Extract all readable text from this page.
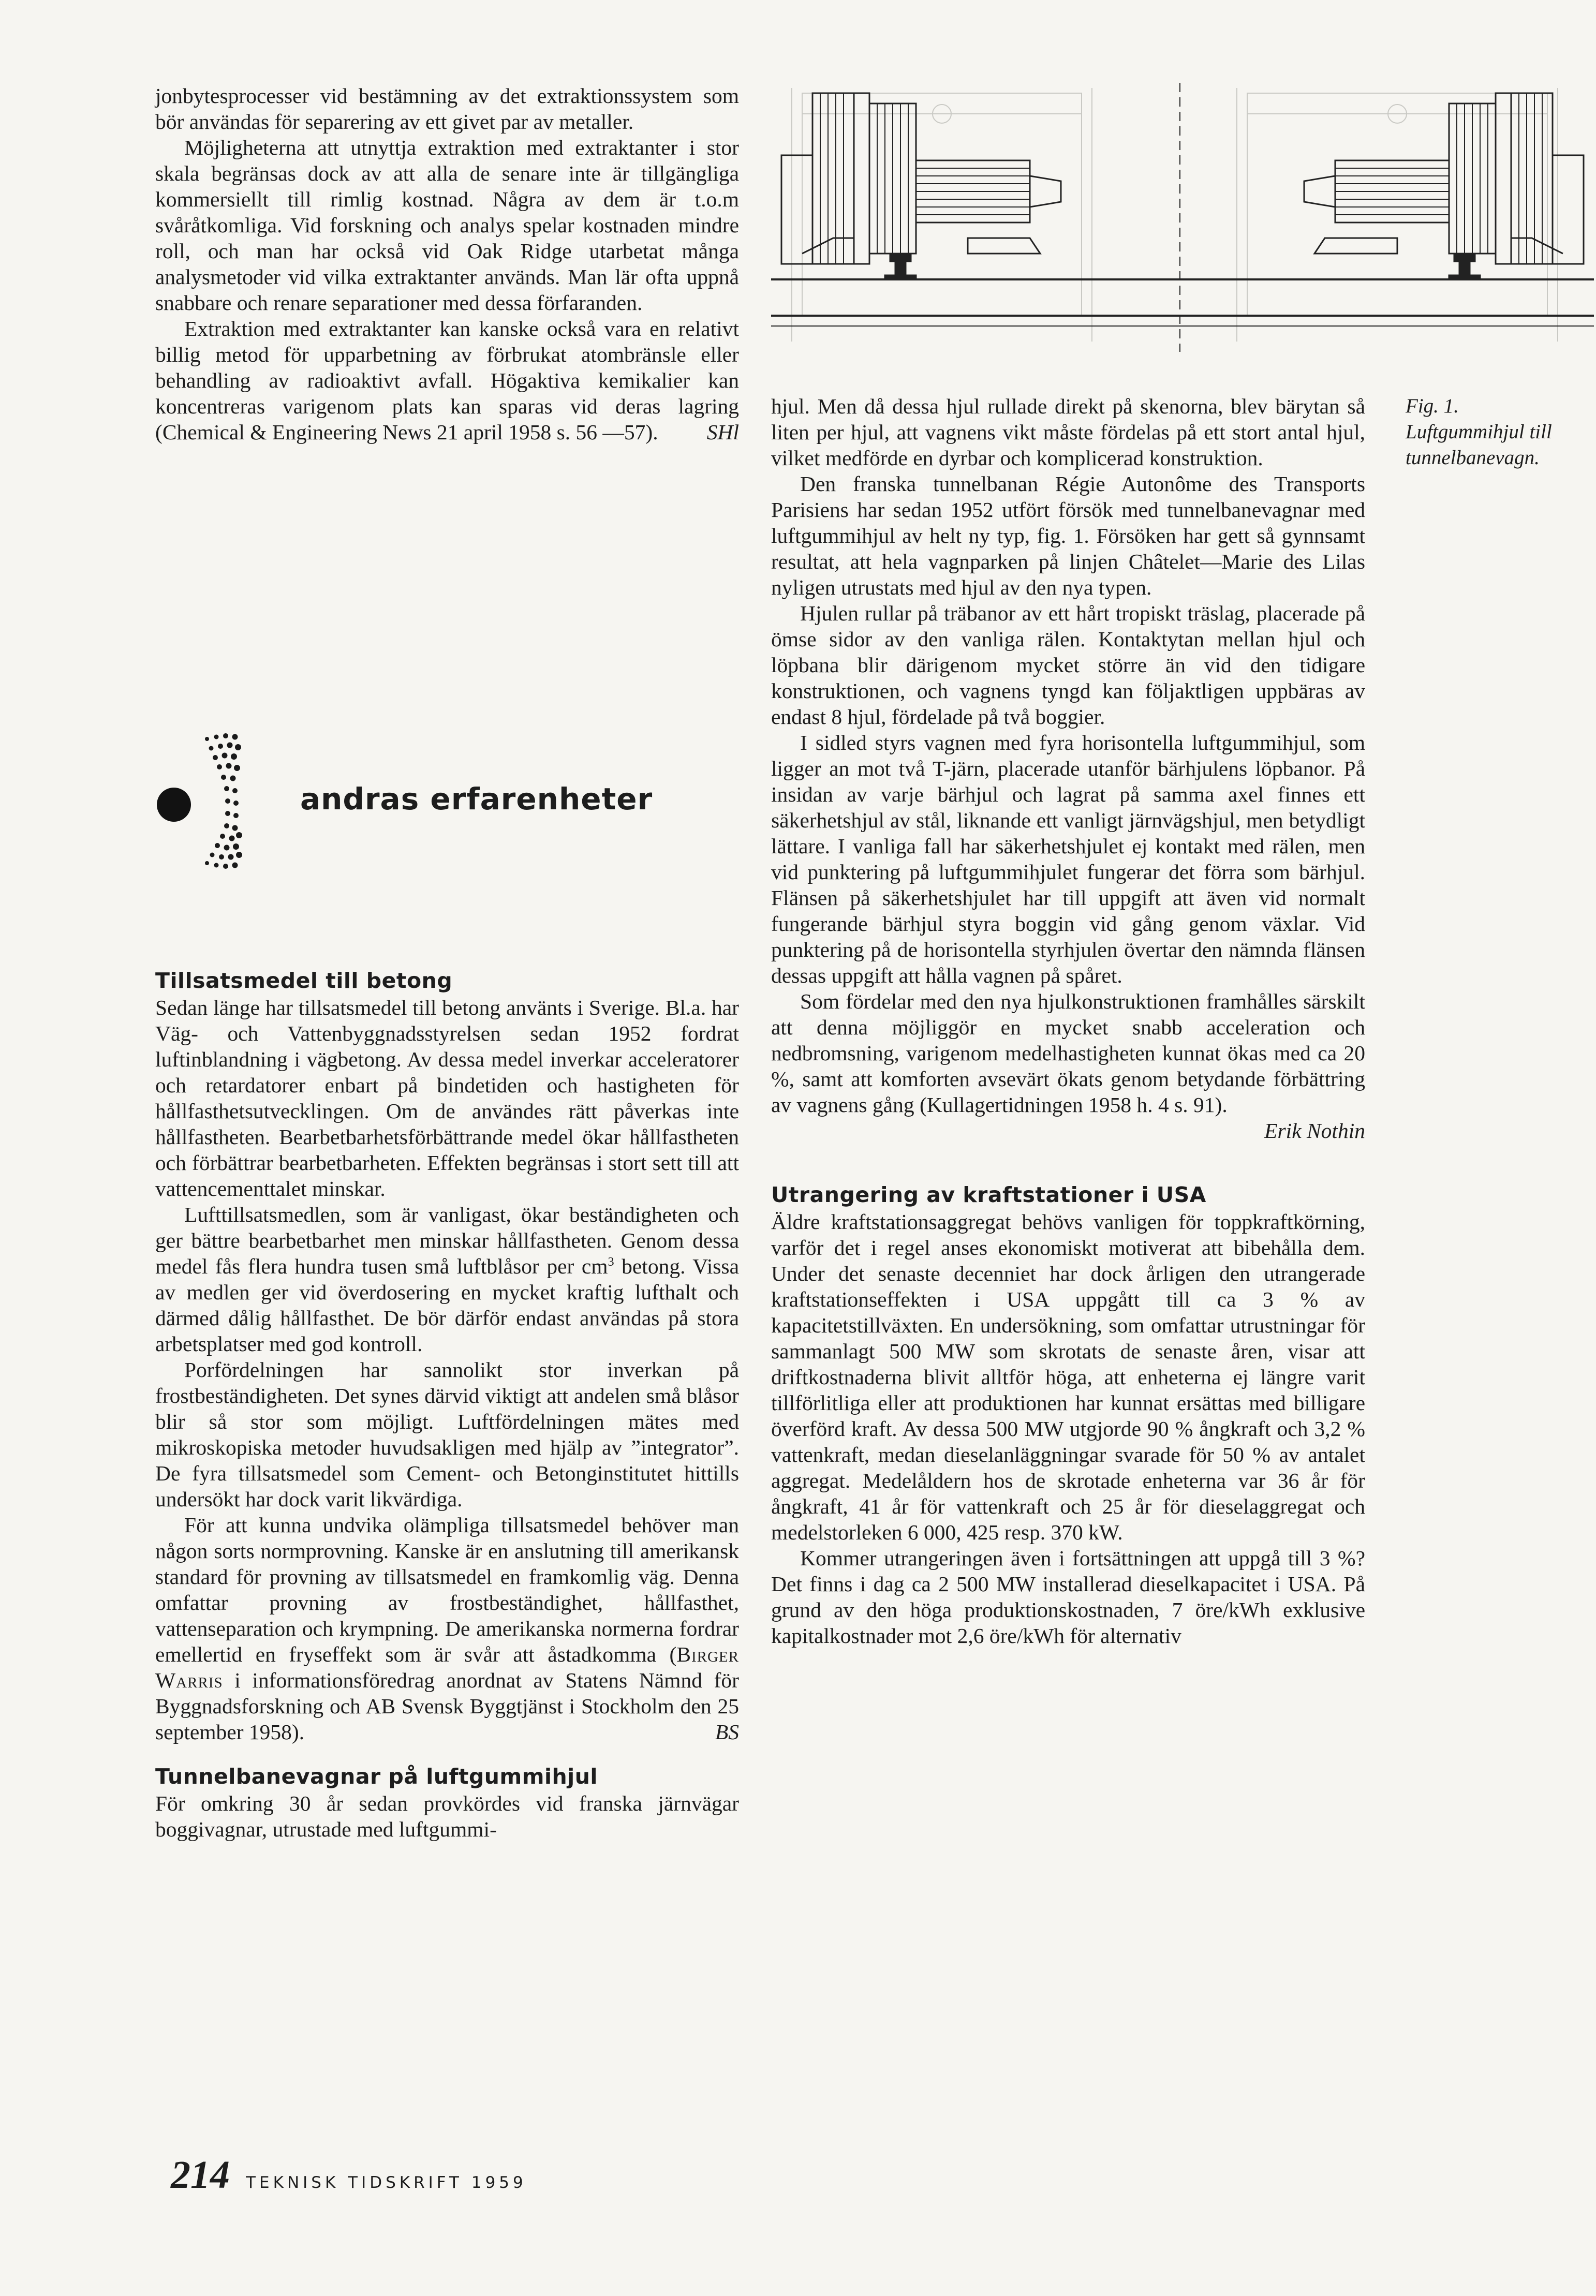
jonbytesprocesser vid bestämning av det extraktionssystem som bör användas för separering av ett givet par av metaller.

Möjligheterna att utnyttja extraktion med extraktanter i stor skala begränsas dock av att alla de senare inte är tillgängliga kommersiellt till rimlig kostnad. Några av dem är t.o.m svåråtkomliga. Vid forskning och analys spelar kostnaden mindre roll, och man har också vid Oak Ridge utarbetat många analysmetoder vid vilka extraktanter används. Man lär ofta uppnå snabbare och renare separationer med dessa förfaranden.

Extraktion med extraktanter kan kanske också vara en relativt billig metod för upparbetning av förbrukat atombränsle eller behandling av radioaktivt avfall. Högaktiva kemikalier kan koncentreras varigenom plats kan sparas vid deras lagring (Chemical & Engineering News 21 april 1958 s. 56 —57). SHl

andras erfarenheter
Tillsatsmedel till betong

Sedan länge har tillsatsmedel till betong använts i Sverige. Bl.a. har Väg- och Vattenbyggnadsstyrelsen sedan 1952 fordrat luftinblandning i vägbetong. Av dessa medel inverkar acceleratorer och retardatorer enbart på bindetiden och hastigheten för hållfasthetsutvecklingen. Om de användes rätt påverkas inte hållfastheten. Bearbetbarhetsförbättrande medel ökar hållfastheten och förbättrar bearbetbarheten. Effekten begränsas i stort sett till att vattencementtalet minskar.

Lufttillsatsmedlen, som är vanligast, ökar beständigheten och ger bättre bearbetbarhet men minskar hållfastheten. Genom dessa medel fås flera hundra tusen små luftblåsor per $cm^3$ betong. Vissa av medlen ger vid överdosering en mycket kraftig lufthalt och därmed dålig hållfasthet. De bör därför endast användas på stora arbetsplatser med god kontroll.

Porfördelningen har sannolikt stor inverkan på frostbeständigheten. Det synes därvid viktigt att andelen små blåsor blir så stor som möjligt. Luftfördelningen mätes med mikroskopiska metoder huvudsakligen med hjälp av ”integrator”. De fyra tillsatsmedel som Cement- och Betonginstitutet hittills undersökt har dock varit likvärdiga.

För att kunna undvika olämpliga tillsatsmedel behöver man någon sorts normprovning. Kanske är en anslutning till amerikansk standard för provning av tillsatsmedel en framkomlig väg. Denna omfattar provning av frostbeständighet, hållfasthet, vattenseparation och krympning. De amerikanska normerna fordrar emellertid en fryseffekt som är svår att åstadkomma (Birger Warris i informationsföredrag anordnat av Statens Nämnd för Byggnadsforskning och AB Svensk Byggtjänst i Stockholm den 25 september 1958).	BS

Tunnelbanevagnar på luftgummihjul

För omkring 30 år sedan provkördes vid franska järnvägar boggivagnar, utrustade med luftgummi-

Fig. 1. Luftgummihjul till tunnelbanevagn.

hjul. Men då dessa hjul rullade direkt på skenorna, blev bärytan så liten per hjul, att vagnens vikt måste fördelas på ett stort antal hjul, vilket medförde en dyrbar och komplicerad konstruktion.

Den franska tunnelbanan Régie Autonôme des Transports Parisiens har sedan 1952 utfört försök med tunnelbanevagnar med luftgummihjul av helt ny typ, fig. 1. Försöken har gett så gynnsamt resultat, att hela vagnparken på linjen Châtelet—Marie des Lilas nyligen utrustats med hjul av den nya typen.

Hjulen rullar på träbanor av ett hårt tropiskt träslag, placerade på ömse sidor av den vanliga rälen. Kontaktytan mellan hjul och löpbana blir därigenom mycket större än vid den tidigare konstruktionen, och vagnens tyngd kan följaktligen uppbäras av endast 8 hjul, fördelade på två boggier.

I sidled styrs vagnen med fyra horisontella luftgummihjul, som ligger an mot två T-järn, placerade utanför bärhjulens löpbanor. På insidan av varje bärhjul och lagrat på samma axel finnes ett säkerhetshjul av stål, liknande ett vanligt järnvägshjul, men betydligt lättare. I vanliga fall har säkerhetshjulet ej kontakt med rälen, men vid punktering på luftgummihjulet fungerar det förra som bärhjul. Flänsen på säkerhetshjulet har till uppgift att även vid normalt fungerande bärhjul styra boggin vid gång genom växlar. Vid punktering på de horisontella styrhjulen övertar den nämnda flänsen dessas uppgift att hålla vagnen på spåret.

Som fördelar med den nya hjulkonstruktionen framhålles särskilt att denna möjliggör en mycket snabb acceleration och nedbromsning, varigenom medelhastigheten kunnat ökas med ca 20 %, samt att komforten avsevärt ökats genom betydande förbättring av vagnens gång (Kullagertidningen 1958 h. 4 s. 91).

Erik Nothin

Utrangering av kraftstationer i USA

Äldre kraftstationsaggregat behövs vanligen för toppkraftkörning, varför det i regel anses ekonomiskt motiverat att bibehålla dem. Under det senaste decenniet har dock årligen den utrangerade kraftstationseffekten i USA uppgått till ca 3 % av kapacitetstillväxten. En undersökning, som omfattar utrustningar för sammanlagt 500 MW som skrotats de senaste åren, visar att driftkostnaderna blivit alltför höga, att enheterna ej längre varit tillförlitliga eller att produktionen har kunnat ersättas med billigare överförd kraft. Av dessa 500 MW utgjorde 90 % ångkraft och 3,2 % vattenkraft, medan dieselanläggningar svarade för 50 % av antalet aggregat. Medelåldern hos de skrotade enheterna var 36 år för ångkraft, 41 år för vattenkraft och 25 år för dieselaggregat och medelstorleken 6 000, 425 resp. 370 kW.

Kommer utrangeringen även i fortsättningen att uppgå till 3 %? Det finns i dag ca 2 500 MW installerad dieselkapacitet i USA. På grund av den höga produktionskostnaden, 7 öre/kWh exklusive kapitalkostnader mot 2,6 öre/kWh för alternativ

214 TEKNISK TIDSKRIFT 1959
